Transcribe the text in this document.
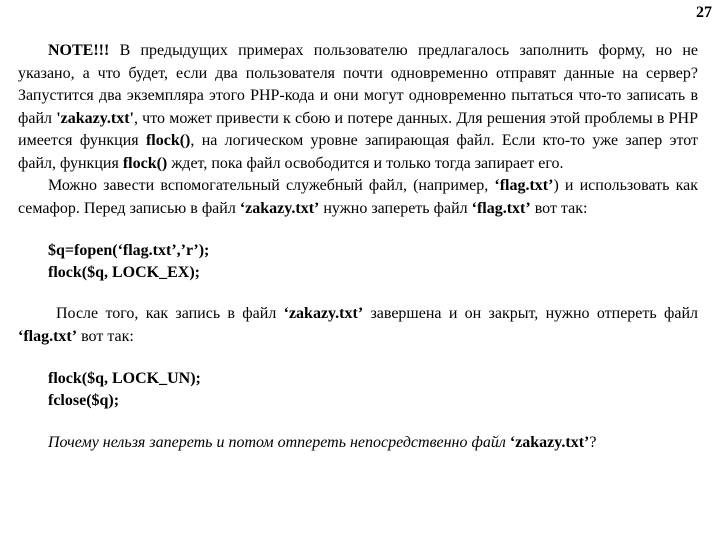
27

NOTE!!! В предыдущих примерах пользователю предлагалось заполнить форму, но не указано, а что будет, если два пользователя почти одновременно отправят данные на сервер? Запустится два экземпляра этого PHP-кода и они могут одновременно пытаться что-то записать в файл 'zakazy.txt', что может привести к сбою и потере данных. Для решения этой проблемы в PHP имеется функция flock(), на логическом уровне запирающая файл. Если кто-то уже запер этот файл, функция flock() ждет, пока файл освободится и только тогда запирает его.

Можно завести вспомогательный служебный файл, (например, ‘flag.txt’) и использовать как семафор. Перед записью в файл ‘zakazy.txt’ нужно запереть файл ‘flag.txt’ вот так:

$q=fopen(‘flag.txt’,’r’);
flock($q, LOCK_EX);

После того, как запись в файл ‘zakazy.txt’ завершена и он закрыт, нужно отпереть файл ‘flag.txt’ вот так:

flock($q, LOCK_UN);
fclose($q);

Почему нельзя запереть и потом отпереть непосредственно файл ‘zakazy.txt’?
